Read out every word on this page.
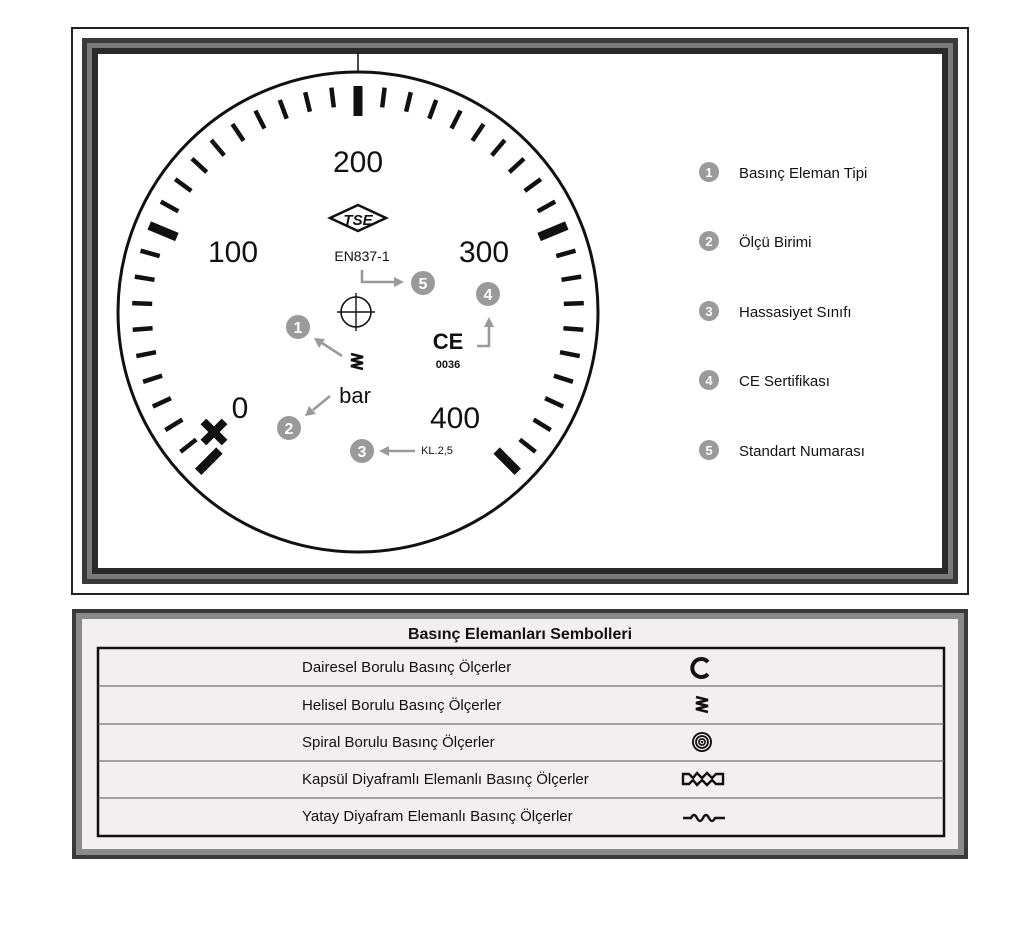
200
100	300
0	400
TSE
EN837-1
bar
CE
0036
KL.2,5
1
2
3
4
5
1 Basınç Eleman Tipi
2 Ölçü Birimi
3 Hassasiyet Sınıfı
4 CE Sertifikası
5 Standart Numarası
Basınç Elemanları Sembolleri
Dairesel Borulu Basınç Ölçerler
Helisel Borulu Basınç Ölçerler
Spiral Borulu Basınç Ölçerler
Kapsül Diyaframlı Elemanlı Basınç Ölçerler
Yatay Diyafram Elemanlı Basınç Ölçerler
